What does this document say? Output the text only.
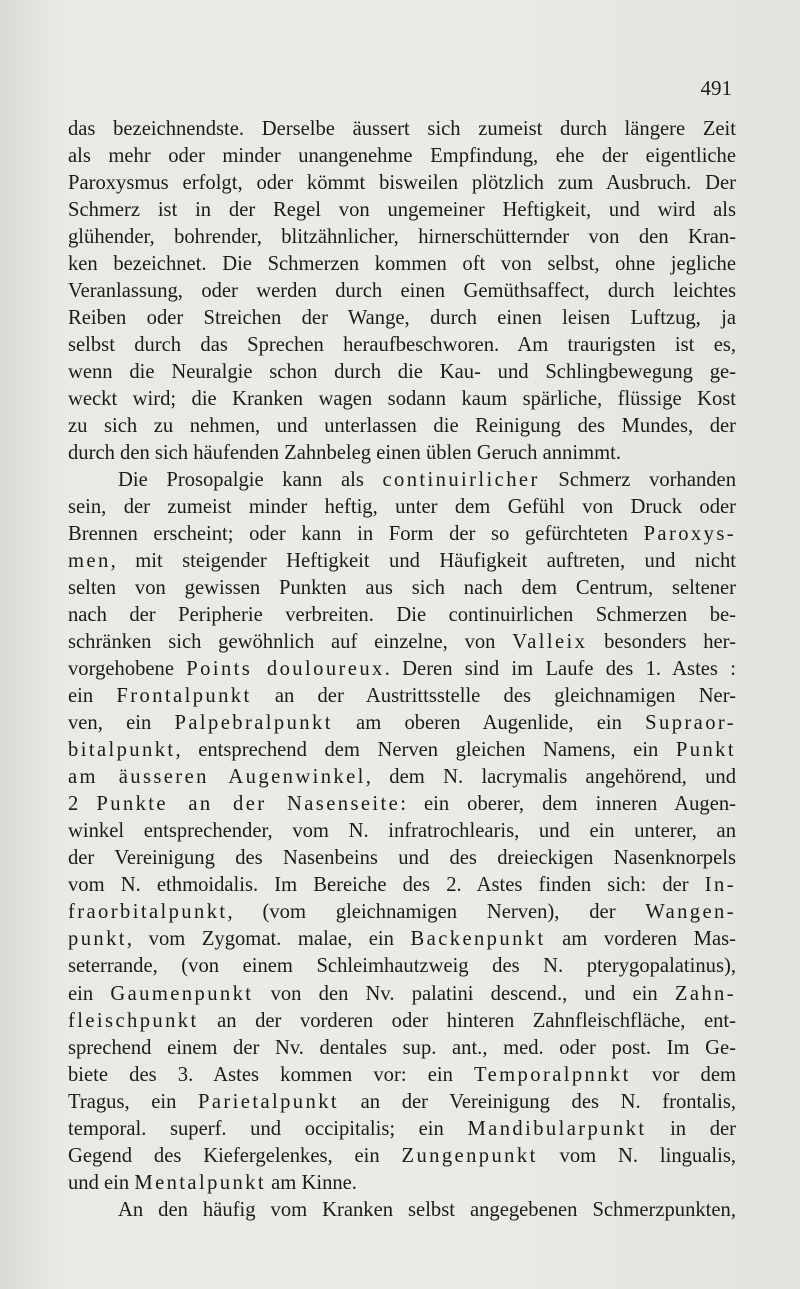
491
das bezeichnendste. Derselbe äussert sich zumeist durch längere Zeit
als mehr oder minder unangenehme Empfindung, ehe der eigentliche
Paroxysmus erfolgt, oder kömmt bisweilen plötzlich zum Ausbruch. Der
Schmerz ist in der Regel von ungemeiner Heftigkeit, und wird als
glühender, bohrender, blitzähnlicher, hirnerschütternder von den Kran-
ken bezeichnet. Die Schmerzen kommen oft von selbst, ohne jegliche
Veranlassung, oder werden durch einen Gemüthsaffect, durch leichtes
Reiben oder Streichen der Wange, durch einen leisen Luftzug, ja
selbst durch das Sprechen heraufbeschworen. Am traurigsten ist es,
wenn die Neuralgie schon durch die Kau- und Schlingbewegung ge-
weckt wird; die Kranken wagen sodann kaum spärliche, flüssige Kost
zu sich zu nehmen, und unterlassen die Reinigung des Mundes, der
durch den sich häufenden Zahnbeleg einen üblen Geruch annimmt.
Die Prosopalgie kann als continuirlicher Schmerz vorhanden
sein, der zumeist minder heftig, unter dem Gefühl von Druck oder
Brennen erscheint; oder kann in Form der so gefürchteten Paroxys-
men, mit steigender Heftigkeit und Häufigkeit auftreten, und nicht
selten von gewissen Punkten aus sich nach dem Centrum, seltener
nach der Peripherie verbreiten. Die continuirlichen Schmerzen be-
schränken sich gewöhnlich auf einzelne, von Valleix besonders her-
vorgehobene Points douloureux. Deren sind im Laufe des 1. Astes :
ein Frontalpunkt an der Austrittsstelle des gleichnamigen Ner-
ven, ein Palpebralpunkt am oberen Augenlide, ein Supraor-
bitalpunkt, entsprechend dem Nerven gleichen Namens, ein Punkt
am äusseren Augenwinkel, dem N. lacrymalis angehörend, und
2 Punkte an der Nasenseite: ein oberer, dem inneren Augen-
winkel entsprechender, vom N. infratrochlearis, und ein unterer, an
der Vereinigung des Nasenbeins und des dreieckigen Nasenknorpels
vom N. ethmoidalis. Im Bereiche des 2. Astes finden sich: der In-
fraorbitalpunkt, (vom gleichnamigen Nerven), der Wangen-
punkt, vom Zygomat. malae, ein Backenpunkt am vorderen Mas-
seterrande, (von einem Schleimhautzweig des N. pterygopalatinus),
ein Gaumenpunkt von den Nv. palatini descend., und ein Zahn-
fleischpunkt an der vorderen oder hinteren Zahnfleischfläche, ent-
sprechend einem der Nv. dentales sup. ant., med. oder post. Im Ge-
biete des 3. Astes kommen vor: ein Temporalpnnkt vor dem
Tragus, ein Parietalpunkt an der Vereinigung des N. frontalis,
temporal. superf. und occipitalis; ein Mandibularpunkt in der
Gegend des Kiefergelenkes, ein Zungenpunkt vom N. lingualis,
und ein Mentalpunkt am Kinne.
An den häufig vom Kranken selbst angegebenen Schmerzpunkten,
